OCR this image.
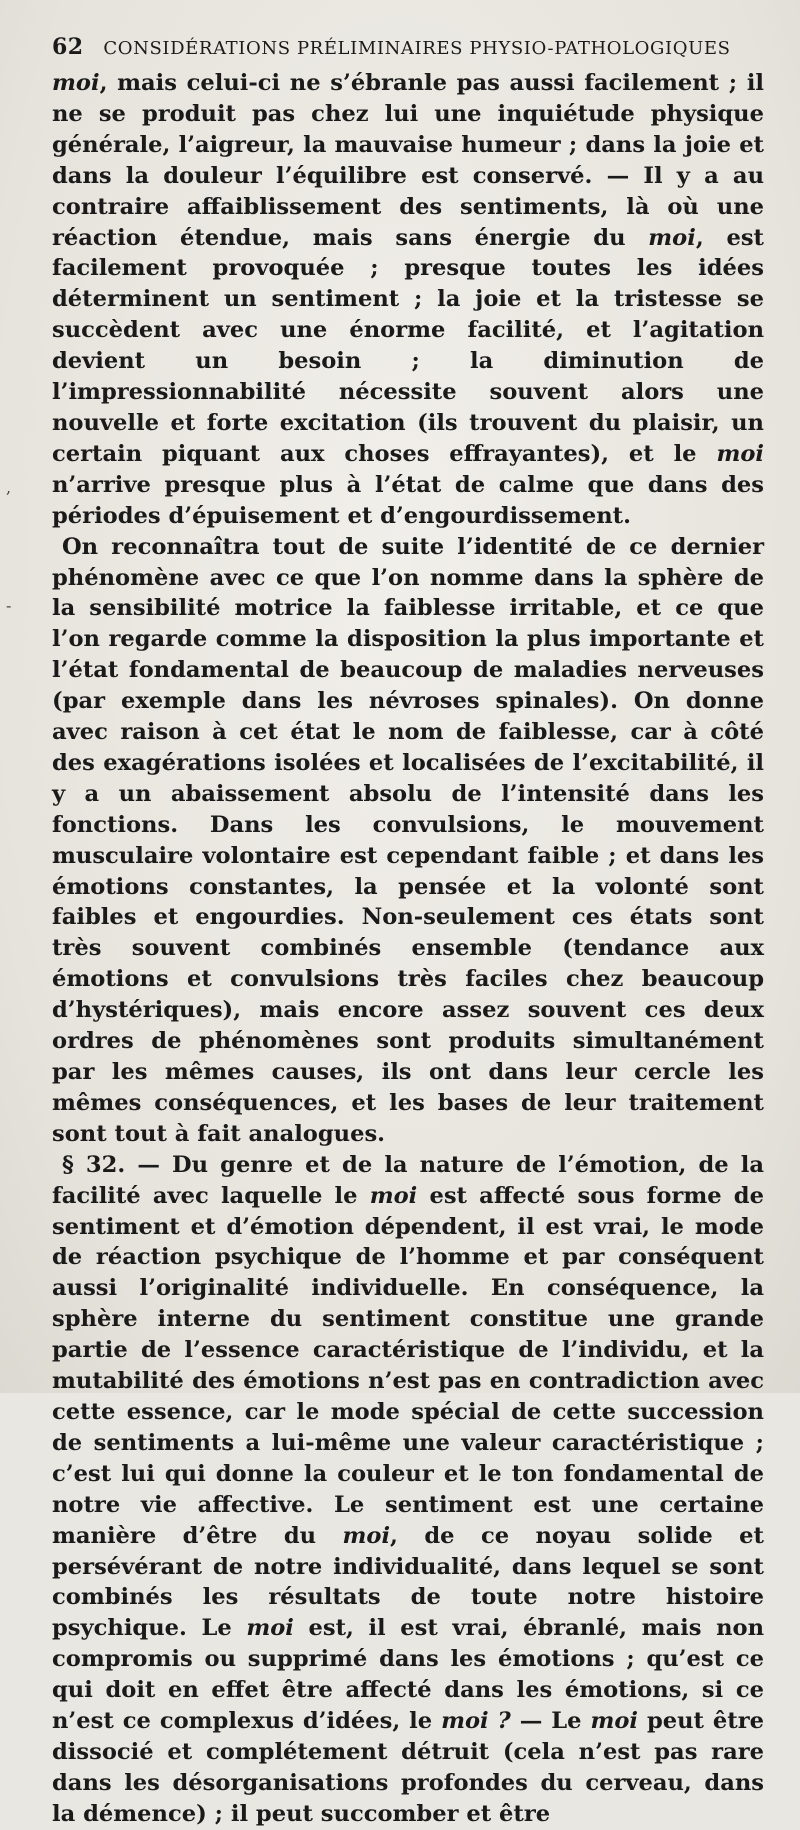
62 CONSIDÉRATIONS PRÉLIMINAIRES PHYSIO-PATHOLOGIQUES

moi, mais celui-ci ne s’ébranle pas aussi facilement ; il ne se produit pas chez lui une inquiétude physique générale, l’aigreur, la mauvaise humeur ; dans la joie et dans la douleur l’équilibre est conservé. — Il y a au contraire affaiblissement des sentiments, là où une réaction étendue, mais sans énergie du moi, est facilement provoquée ; presque toutes les idées déterminent un sentiment ; la joie et la tristesse se succèdent avec une énorme facilité, et l’agitation devient un besoin ; la diminution de l’impressionnabilité nécessite souvent alors une nouvelle et forte excitation (ils trouvent du plaisir, un certain piquant aux choses effrayantes), et le moi n’arrive presque plus à l’état de calme que dans des périodes d’épuisement et d’engourdissement.

On reconnaîtra tout de suite l’identité de ce dernier phénomène avec ce que l’on nomme dans la sphère de la sensibilité motrice la faiblesse irritable, et ce que l’on regarde comme la disposition la plus importante et l’état fondamental de beaucoup de maladies nerveuses (par exemple dans les névroses spinales). On donne avec raison à cet état le nom de faiblesse, car à côté des exagérations isolées et localisées de l’excitabilité, il y a un abaissement absolu de l’intensité dans les fonctions. Dans les convulsions, le mouvement musculaire volontaire est cependant faible ; et dans les émotions constantes, la pensée et la volonté sont faibles et engourdies. Non-seulement ces états sont très souvent combinés ensemble (tendance aux émotions et convulsions très faciles chez beaucoup d’hystériques), mais encore assez souvent ces deux ordres de phénomènes sont produits simultanément par les mêmes causes, ils ont dans leur cercle les mêmes conséquences, et les bases de leur traitement sont tout à fait analogues.

§ 32. — Du genre et de la nature de l’émotion, de la facilité avec laquelle le moi est affecté sous forme de sentiment et d’émotion dépendent, il est vrai, le mode de réaction psychique de l’homme et par conséquent aussi l’originalité individuelle. En conséquence, la sphère interne du sentiment constitue une grande partie de l’essence caractéristique de l’individu, et la mutabilité des émotions n’est pas en contradiction avec cette essence, car le mode spécial de cette succession de sentiments a lui-même une valeur caractéristique ; c’est lui qui donne la couleur et le ton fondamental de notre vie affective. Le sentiment est une certaine manière d’être du moi, de ce noyau solide et persévérant de notre individualité, dans lequel se sont combinés les résultats de toute notre histoire psychique. Le moi est, il est vrai, ébranlé, mais non compromis ou supprimé dans les émotions ; qu’est ce qui doit en effet être affecté dans les émotions, si ce n’est ce complexus d’idées, le moi ? — Le moi peut être dissocié et complétement détruit (cela n’est pas rare dans les désorganisations profondes du cerveau, dans la démence) ; il peut succomber et être

,
-
